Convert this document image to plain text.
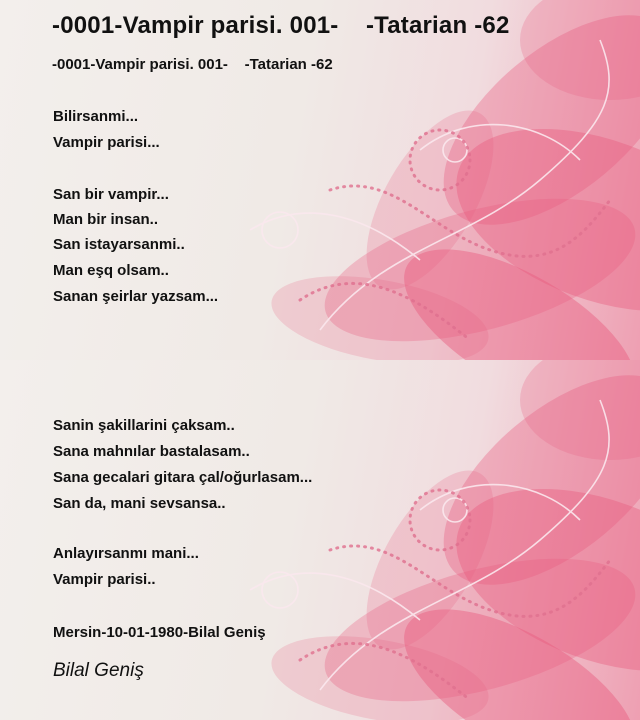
-0001-Vampir parisi. 001-    -Tatarian -62
-0001-Vampir parisi. 001-    -Tatarian -62
Bilirsanmi...
Vampir parisi...
San bir vampir...
Man bir insan..
San istayarsanmi..
Man eşq olsam..
Sanan şeirlar yazsam...
Sanin şakillarini çaksam..
Sana mahnılar bastalasam..
Sana gecalari gitara çal/oğurlasam...
San da, mani sevsansa..
Anlayırsanmı mani...
Vampir parisi..
Mersin-10-01-1980-Bilal Geniş
Bilal Geniş
